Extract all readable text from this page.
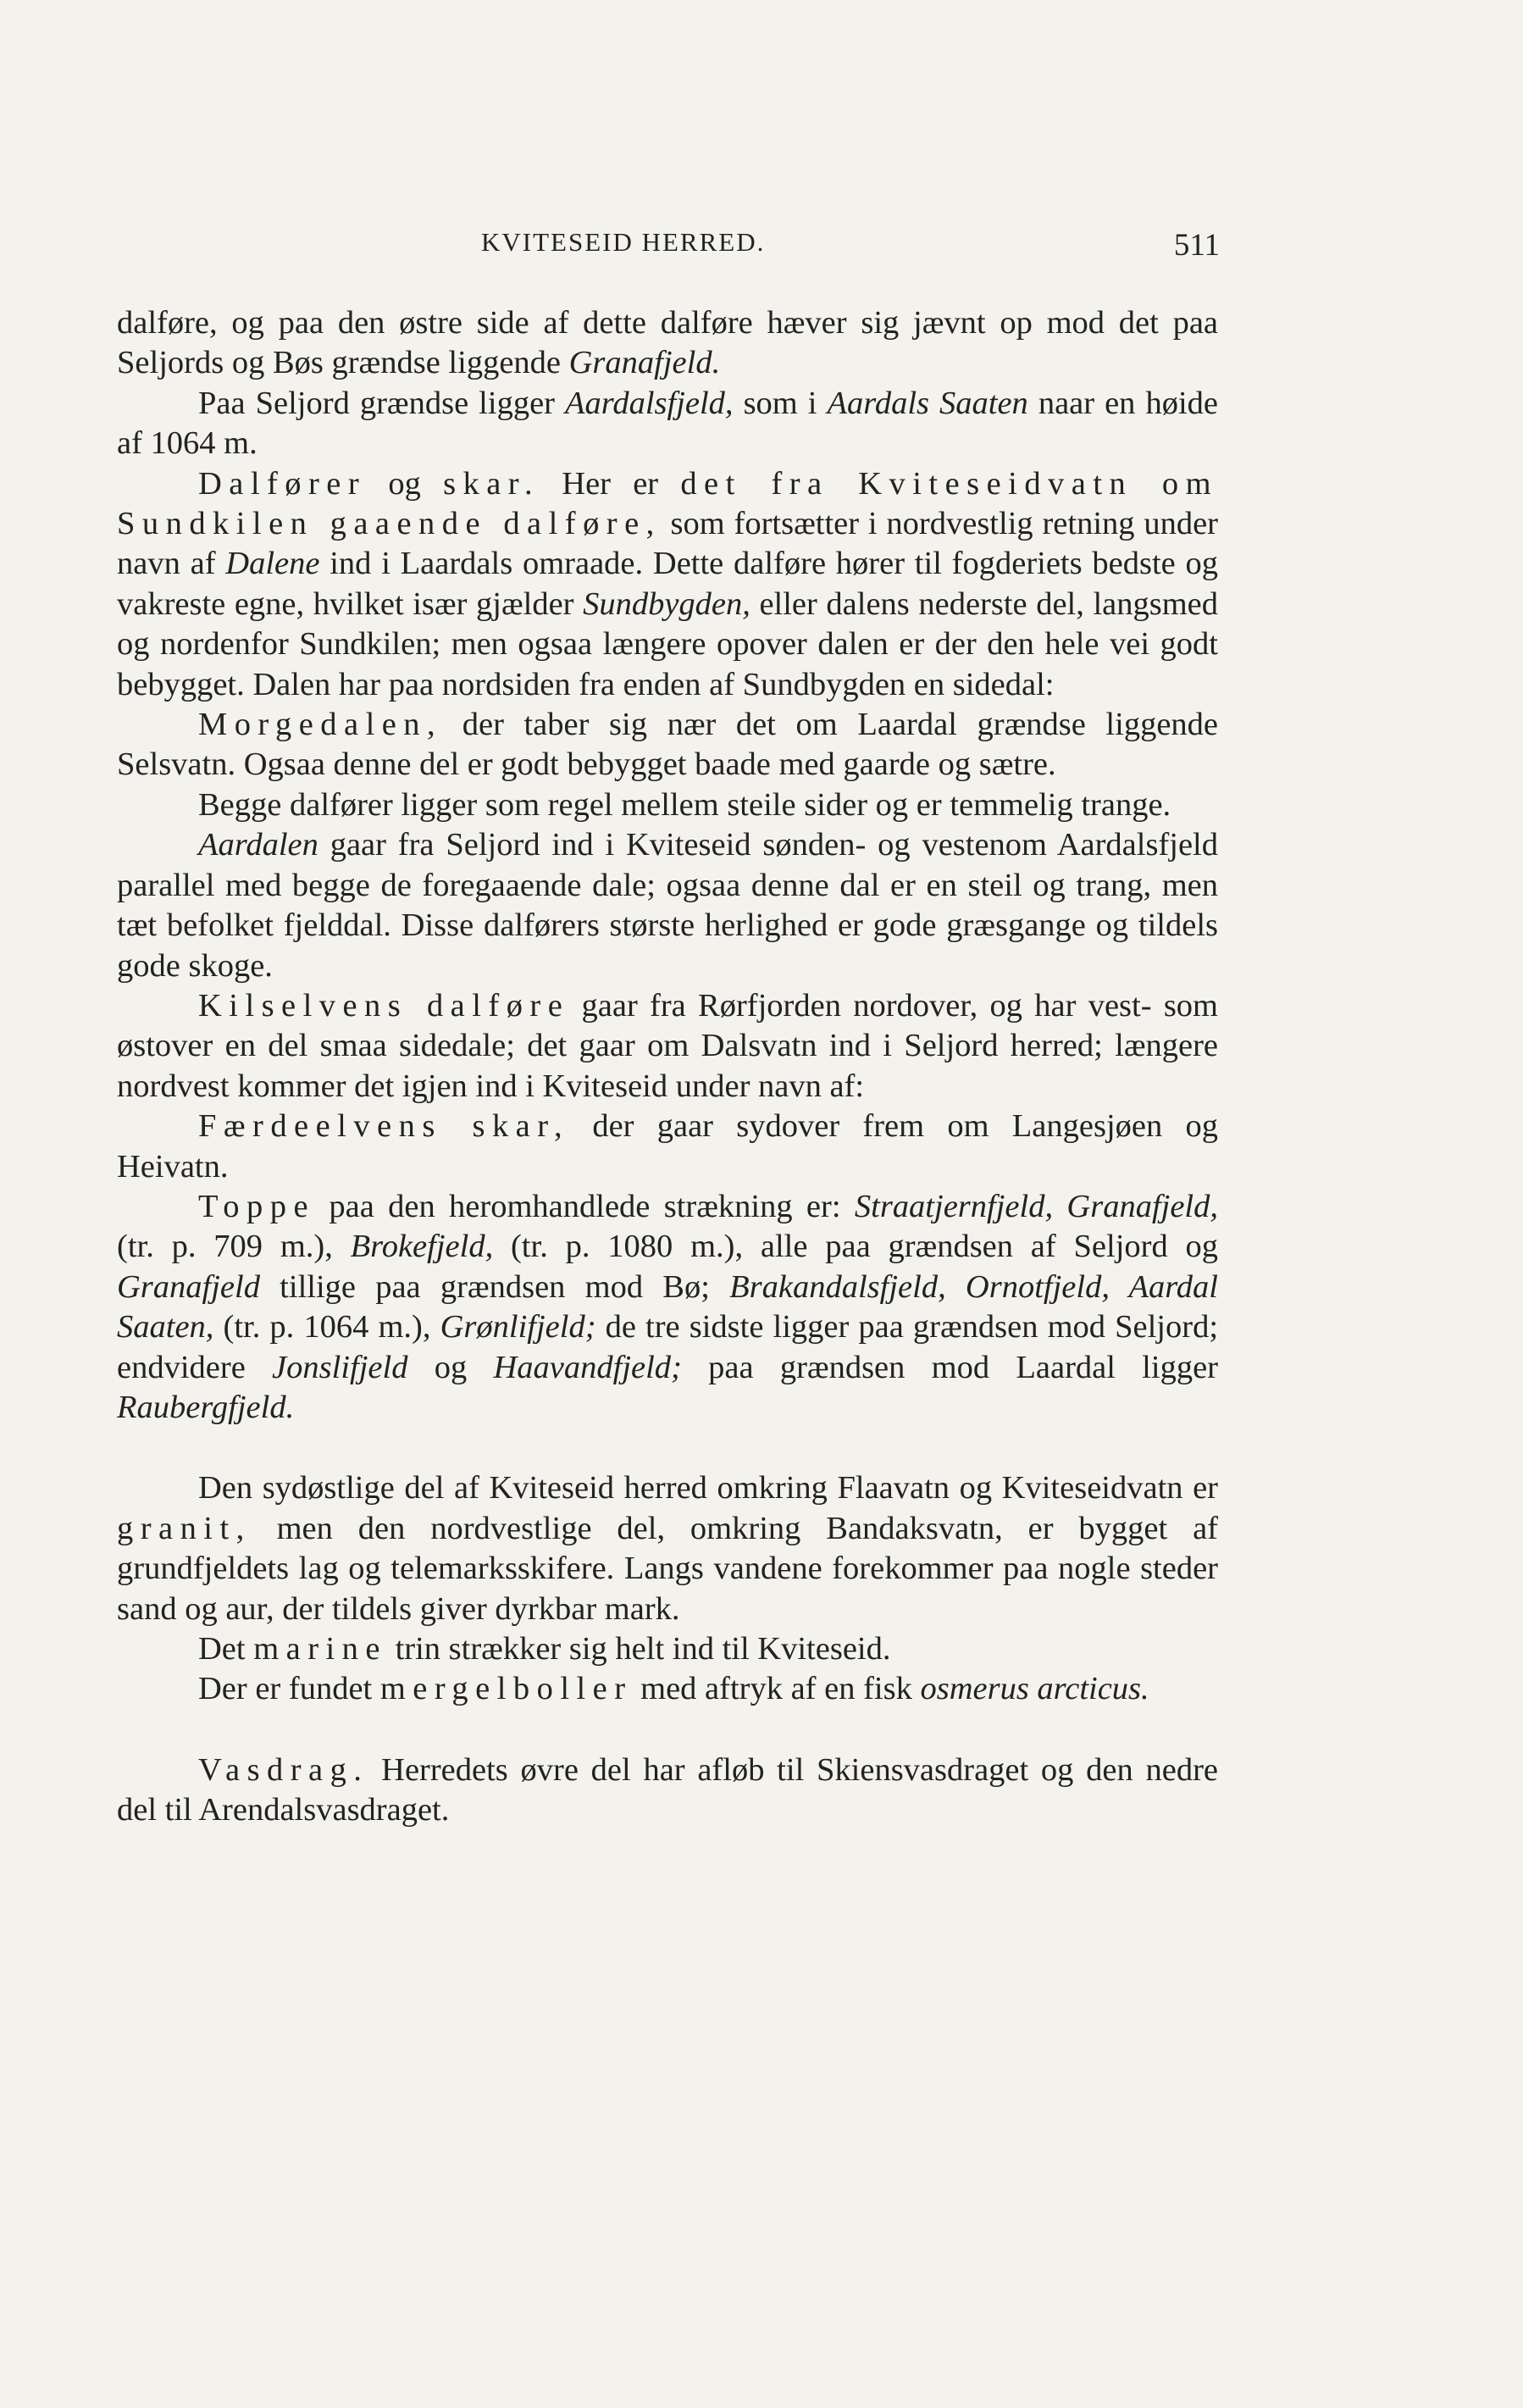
KVITESEID HERRED.	511

dalføre, og paa den østre side af dette dalføre hæver sig jævnt op mod det paa Seljords og Bøs grændse liggende Granafjeld.

Paa Seljord grændse ligger Aardalsfjeld, som i Aardals Saaten naar en høide af 1064 m.

Dalfører og skar. Her er det fra Kviteseidvatn om Sundkilen gaaende dalføre, som fortsætter i nordvestlig retning under navn af Dalene ind i Laardals omraade. Dette dalføre hører til fogderiets bedste og vakreste egne, hvilket især gjælder Sundbygden, eller dalens nederste del, langsmed og nordenfor Sundkilen; men ogsaa længere opover dalen er der den hele vei godt bebygget. Dalen har paa nordsiden fra enden af Sundbygden en sidedal:

Morgedalen, der taber sig nær det om Laardal grændse liggende Selsvatn. Ogsaa denne del er godt bebygget baade med gaarde og sætre.

Begge dalfører ligger som regel mellem steile sider og er temmelig trange.

Aardalen gaar fra Seljord ind i Kviteseid sønden- og vestenom Aardalsfjeld parallel med begge de foregaaende dale; ogsaa denne dal er en steil og trang, men tæt befolket fjelddal. Disse dalførers største herlighed er gode græsgange og tildels gode skoge.

Kilselvens dalføre gaar fra Rørfjorden nordover, og har vest- som østover en del smaa sidedale; det gaar om Dalsvatn ind i Seljord herred; længere nordvest kommer det igjen ind i Kviteseid under navn af:

Færdeelvens skar, der gaar sydover frem om Langesjøen og Heivatn.

Toppe paa den heromhandlede strækning er: Straatjernfjeld, Granafjeld, (tr. p. 709 m.), Brokefjeld, (tr. p. 1080 m.), alle paa grændsen af Seljord og Granafjeld tillige paa grændsen mod Bø; Brakandalsfjeld, Ornotfjeld, Aardal Saaten, (tr. p. 1064 m.), Grønlifjeld; de tre sidste ligger paa grændsen mod Seljord; endvidere Jonslifjeld og Haavandfjeld; paa grændsen mod Laardal ligger Raubergfjeld.

Den sydøstlige del af Kviteseid herred omkring Flaavatn og Kviteseidvatn er granit, men den nordvestlige del, omkring Bandaksvatn, er bygget af grundfjeldets lag og telemarksskifere. Langs vandene forekommer paa nogle steder sand og aur, der tildels giver dyrkbar mark.

Det marine trin strækker sig helt ind til Kviteseid.

Der er fundet mergelboller med aftryk af en fisk osmerus arcticus.

Vasdrag. Herredets øvre del har afløb til Skiensvasdraget og den nedre del til Arendalsvasdraget.
